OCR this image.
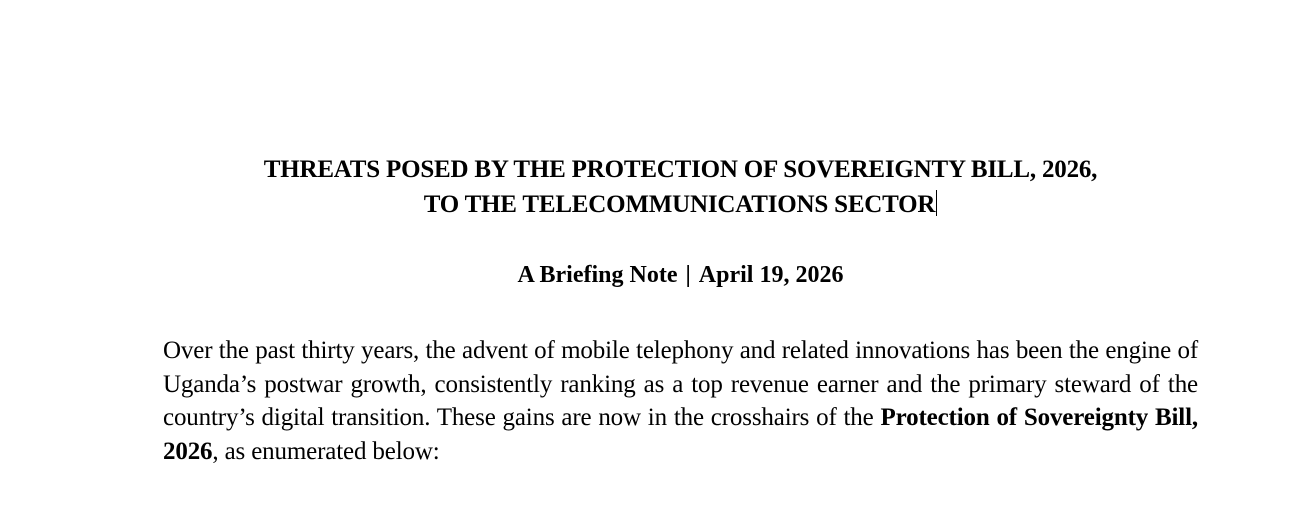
THREATS POSED BY THE PROTECTION OF SOVEREIGNTY BILL, 2026,
TO THE TELECOMMUNICATIONS SECTOR
A Briefing Note | April 19, 2026
Over the past thirty years, the advent of mobile telephony and related innovations has been the engine of Uganda’s postwar growth, consistently ranking as a top revenue earner and the primary steward of the country’s digital transition. These gains are now in the crosshairs of the Protection of Sovereignty Bill, 2026, as enumerated below:
